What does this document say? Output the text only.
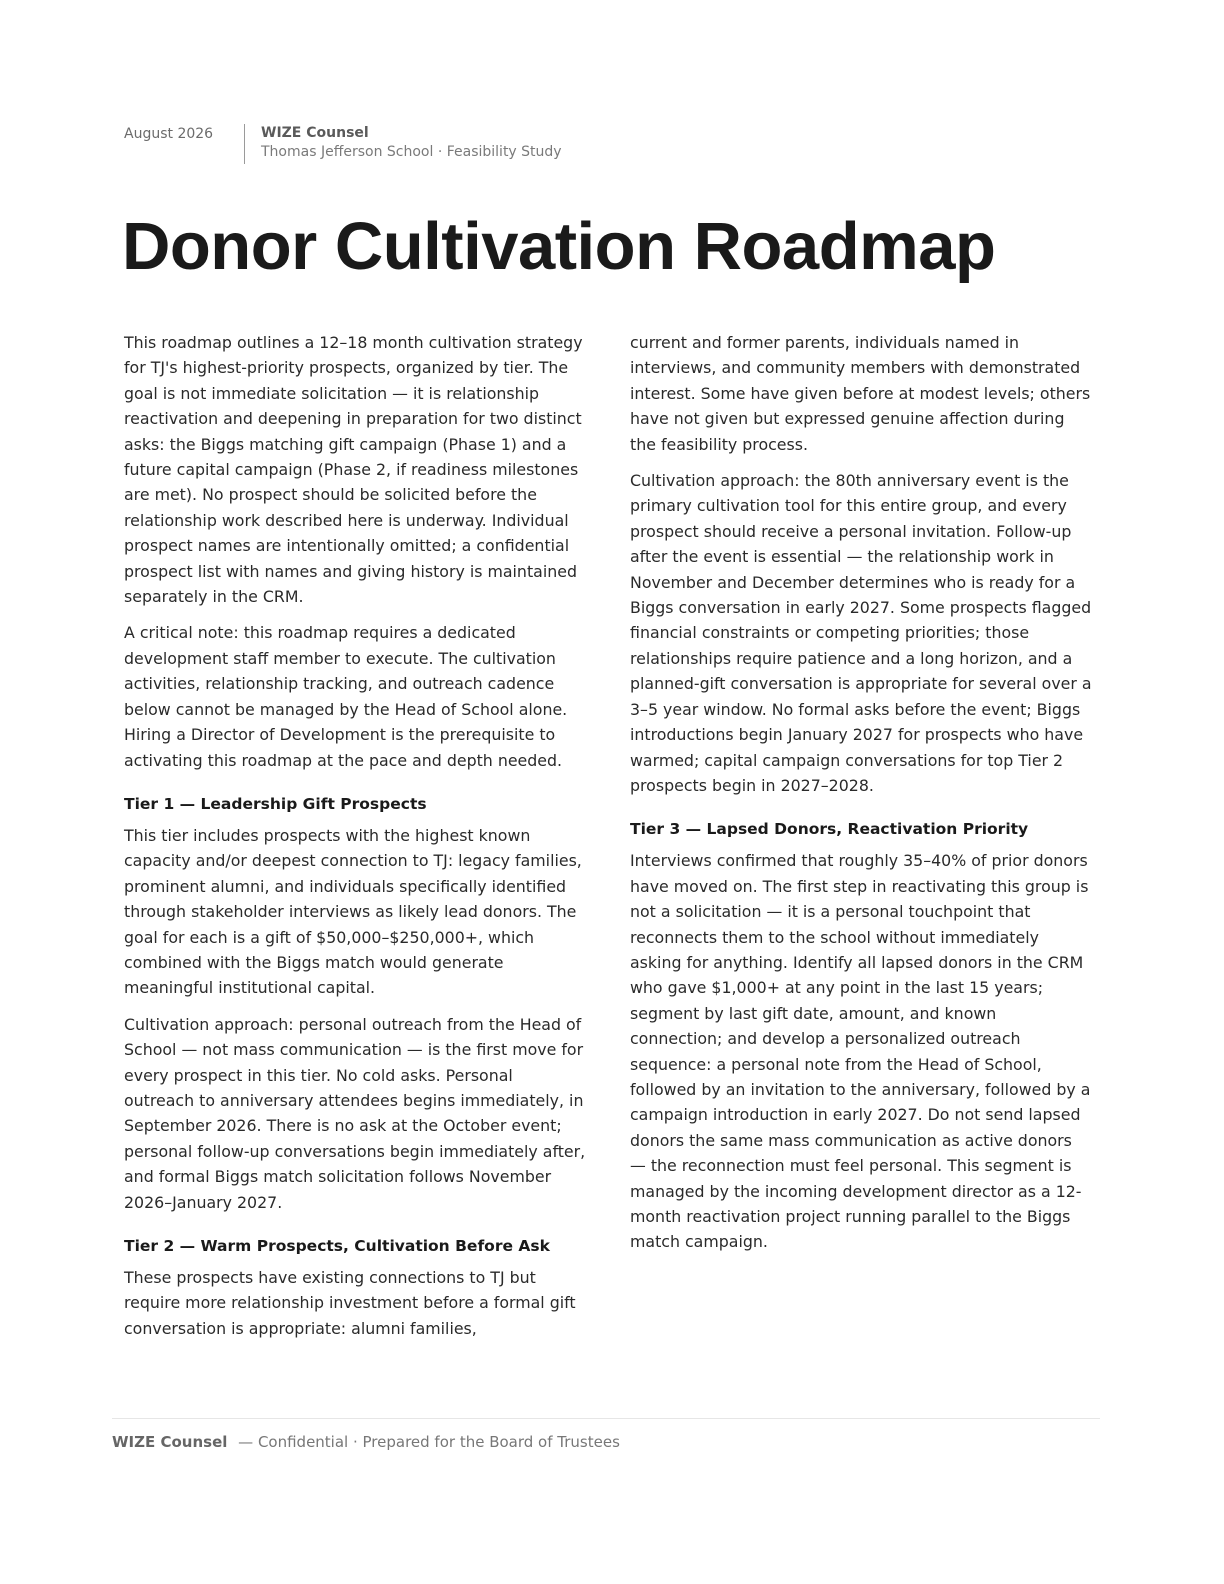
August 2026	WIZE Counsel
Thomas Jefferson School · Feasibility Study
Donor Cultivation Roadmap

This roadmap outlines a 12–18 month cultivation strategy for TJ's highest-priority prospects, organized by tier. The goal is not immediate solicitation — it is relationship reactivation and deepening in preparation for two distinct asks: the Biggs matching gift campaign (Phase 1) and a future capital campaign (Phase 2, if readiness milestones are met). No prospect should be solicited before the relationship work described here is underway. Individual prospect names are intentionally omitted; a confidential prospect list with names and giving history is maintained separately in the CRM.

A critical note: this roadmap requires a dedicated development staff member to execute. The cultivation activities, relationship tracking, and outreach cadence below cannot be managed by the Head of School alone. Hiring a Director of Development is the prerequisite to activating this roadmap at the pace and depth needed.

Tier 1 — Leadership Gift Prospects

This tier includes prospects with the highest known capacity and/or deepest connection to TJ: legacy families, prominent alumni, and individuals specifically identified through stakeholder interviews as likely lead donors. The goal for each is a gift of $50,000–$250,000+, which combined with the Biggs match would generate meaningful institutional capital.

Cultivation approach: personal outreach from the Head of School — not mass communication — is the first move for every prospect in this tier. No cold asks. Personal outreach to anniversary attendees begins immediately, in September 2026. There is no ask at the October event; personal follow-up conversations begin immediately after, and formal Biggs match solicitation follows November 2026–January 2027.

Tier 2 — Warm Prospects, Cultivation Before Ask

These prospects have existing connections to TJ but require more relationship investment before a formal gift conversation is appropriate: alumni families,

current and former parents, individuals named in interviews, and community members with demonstrated interest. Some have given before at modest levels; others have not given but expressed genuine affection during the feasibility process.

Cultivation approach: the 80th anniversary event is the primary cultivation tool for this entire group, and every prospect should receive a personal invitation. Follow-up after the event is essential — the relationship work in November and December determines who is ready for a Biggs conversation in early 2027. Some prospects flagged financial constraints or competing priorities; those relationships require patience and a long horizon, and a planned-gift conversation is appropriate for several over a 3–5 year window. No formal asks before the event; Biggs introductions begin January 2027 for prospects who have warmed; capital campaign conversations for top Tier 2 prospects begin in 2027–2028.

Tier 3 — Lapsed Donors, Reactivation Priority

Interviews confirmed that roughly 35–40% of prior donors have moved on. The first step in reactivating this group is not a solicitation — it is a personal touchpoint that reconnects them to the school without immediately asking for anything. Identify all lapsed donors in the CRM who gave $1,000+ at any point in the last 15 years; segment by last gift date, amount, and known connection; and develop a personalized outreach sequence: a personal note from the Head of School, followed by an invitation to the anniversary, followed by a campaign introduction in early 2027. Do not send lapsed donors the same mass communication as active donors — the reconnection must feel personal. This segment is managed by the incoming development director as a 12-month reactivation project running parallel to the Biggs match campaign.

WIZE Counsel — Confidential · Prepared for the Board of Trustees
